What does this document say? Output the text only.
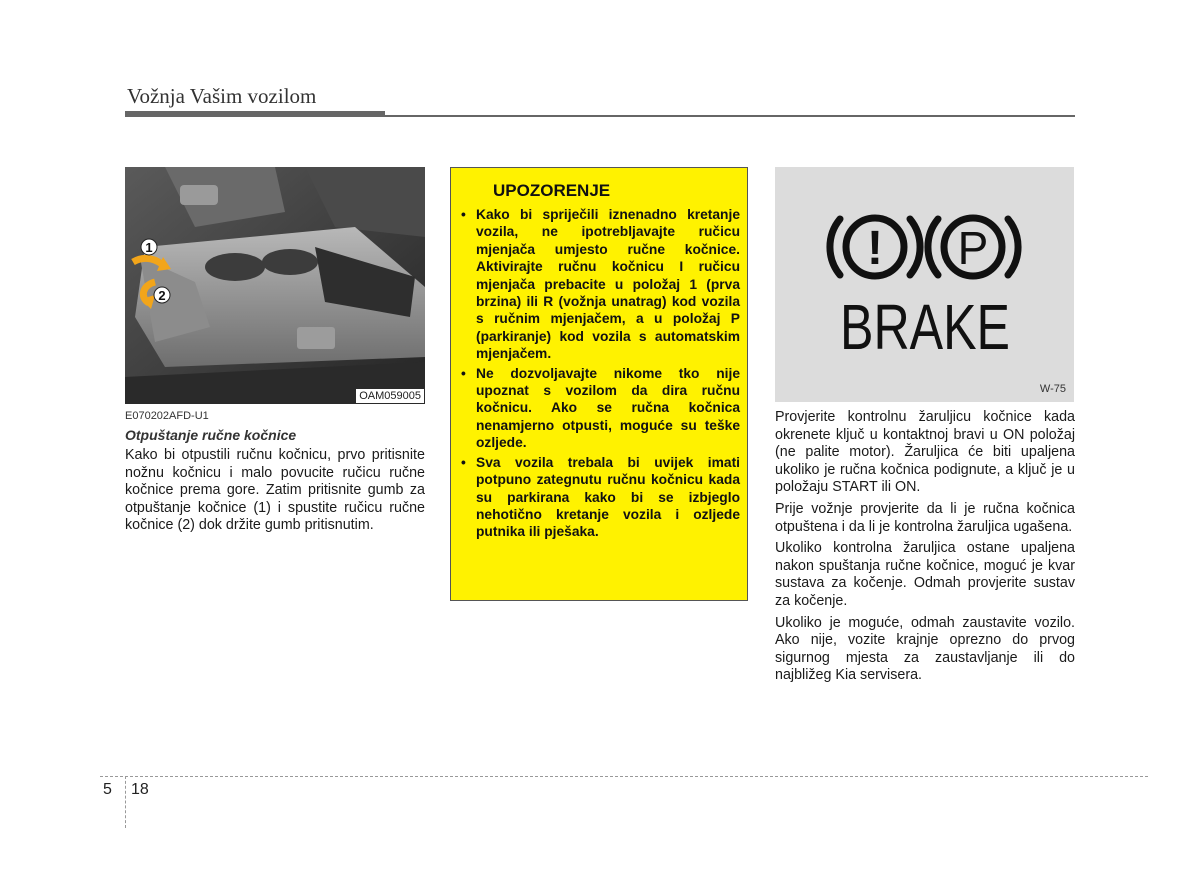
Vožnja Vašim vozilom
1
2
OAM059005
E070202AFD-U1
Otpuštanje ručne kočnice

Kako bi otpustili ručnu kočnicu, prvo pritisnite nožnu kočnicu i malo povucite ručicu ručne kočnice prema gore. Zatim pritisnite gumb za otpuštanje kočnice (1) i spustite ručicu ručne kočnice (2) dok držite gumb pritisnutim.

UPOZORENJE
• Kako bi spriječili iznenadno kretanje vozila, ne ipotrebljavajte ručicu mjenjača umjesto ručne kočnice. Aktivirajte ručnu kočnicu I ručicu mjenjača prebacite u položaj 1 (prva brzina) ili R (vožnja unatrag) kod vozila s ručnim mjenjačem, a u položaj P (parkiranje) kod vozila s automatskim mjenjačem.
• Ne dozvoljavajte nikome tko nije upoznat s vozilom da dira ručnu kočnicu. Ako se ručna kočnica nenamjerno otpusti, moguće su teške ozljede.
• Sva vozila trebala bi uvijek imati potpuno zategnutu ručnu kočnicu kada su parkirana kako bi se izbjeglo nehotično kretanje vozila i ozljede putnika ili pješaka.
! P
BRAKE
W-75

Provjerite kontrolnu žaruljicu kočnice kada okrenete ključ u kontaktnoj bravi u ON položaj (ne palite motor). Žaruljica će biti upaljena ukoliko je ručna kočnica podignute, a ključ je u položaju START ili ON.

Prije vožnje provjerite da li je ručna kočnica otpuštena i da li je kontrolna žaruljica ugašena.

Ukoliko kontrolna žaruljica ostane upaljena nakon spuštanja ručne kočnice, moguć je kvar sustava za kočenje. Odmah provjerite sustav za kočenje.

Ukoliko je moguće, odmah zaustavite vozilo. Ako nije, vozite krajnje oprezno do prvog sigurnog mjesta za zaustavljanje ili do najbližeg Kia servisera.

5 18
